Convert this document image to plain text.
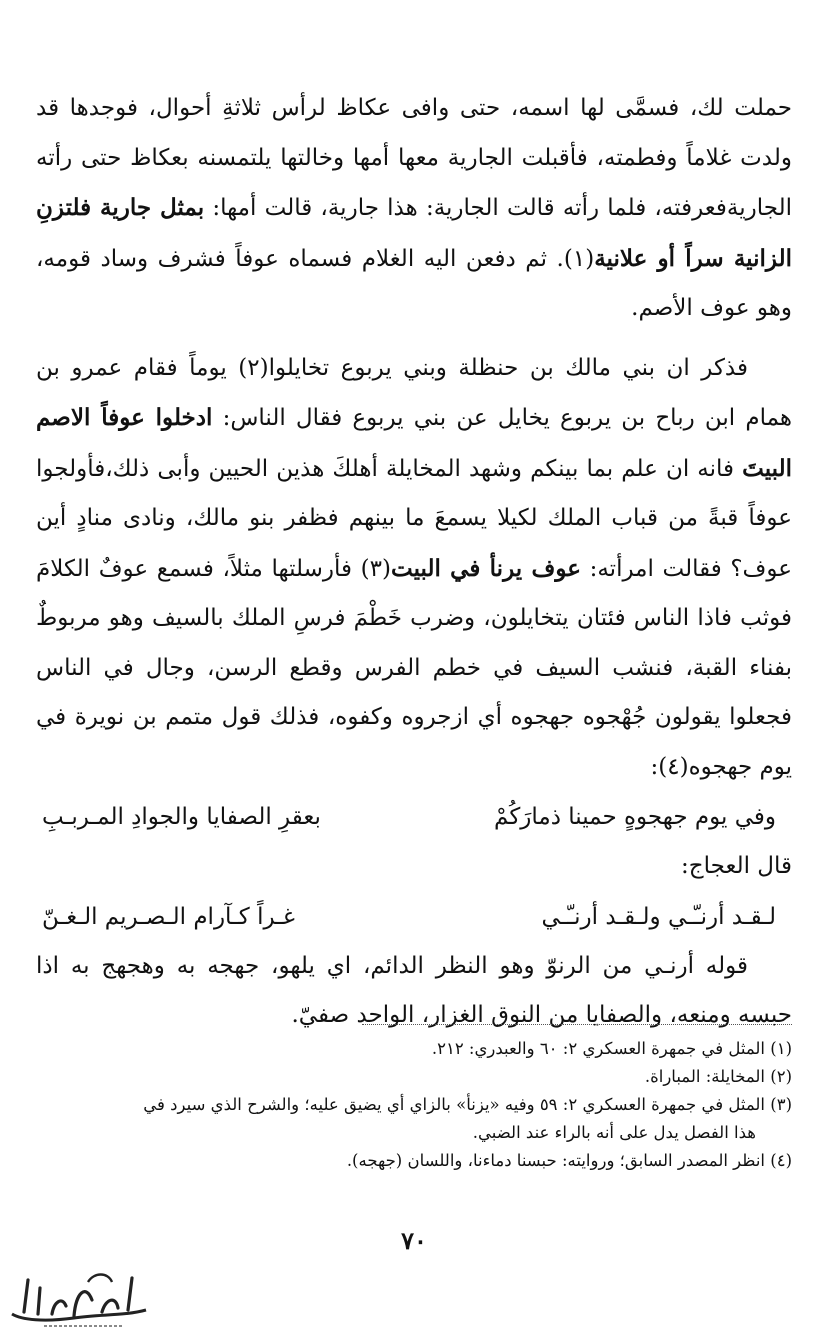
حملت لك، فسمَّى لها اسمه، حتى وافى عكاظ لرأس ثلاثةِ أحوال، فوجدها قد ولدت غلاماً وفطمته، فأقبلت الجارية معها أمها وخالتها يلتمسنه بعكاظ حتى رأته الجاريةفعرفته، فلما رأته قالت الجارية: هذا جارية، قالت أمها: بمثل جارية فلتزنِ الزانية سراً أو علانية(١). ثم دفعن اليه الغلام فسماه عوفاً فشرف وساد قومه، وهو عوف الأصم.

فذكر ان بني مالك بن حنظلة وبني يربوع تخايلوا(٢) يوماً فقام عمرو بن همام ابن رباح بن يربوع يخايل عن بني يربوع فقال الناس: ادخلوا عوفاً الاصم البيتَ فانه ان علم بما بينكم وشهد المخايلة أهلكَ هذين الحيين وأبى ذلك،فأولجوا عوفاً قبةً من قباب الملك لكيلا يسمعَ ما بينهم فظفر بنو مالك، ونادى منادٍ أين عوف؟ فقالت امرأته: عوف يرنأ في البيت(٣) فأرسلتها مثلاً، فسمع عوفٌ الكلامَ فوثب فاذا الناس فئتان يتخايلون، وضرب خَطْمَ فرسِ الملك بالسيف وهو مربوطٌ بفناء القبة، فنشب السيف في خطم الفرس وقطع الرسن، وجال في الناس فجعلوا يقولون جُهْجوه جهجوه أي ازجروه وكفوه، فذلك قول متمم بن نويرة في يوم جهجوه(٤):

وفي يوم جهجوهٍ حمينا ذمارَكُمْ
بعقرِ الصفايا والجوادِ المـربـبِ

قال العجاج:

لـقـد أرنـّـي ولـقـد أرنـّـي
غـراً كـآرام الـصـريم الـغـنّ

قوله أرنـي من الرنوّ وهو النظر الدائم، اي يلهو، جهجه به وهجهج به اذا حبسه ومنعه، والصفايا من النوق الغزار، الواحد صفيّ.

(١) المثل في جمهرة العسكري ٢: ٦٠ والعبدري: ٢١٢.

(٢) المخايلة: المباراة.

(٣) المثل في جمهرة العسكري ٢: ٥٩ وفيه «يزنأ» بالزاي أي يضيق عليه؛ والشرح الذي سيرد في

هذا الفصل يدل على أنه بالراء عند الضبي.

(٤) انظر المصدر السابق؛ وروايته: حبسنا دماءنا، واللسان (جهجه).

٧٠
